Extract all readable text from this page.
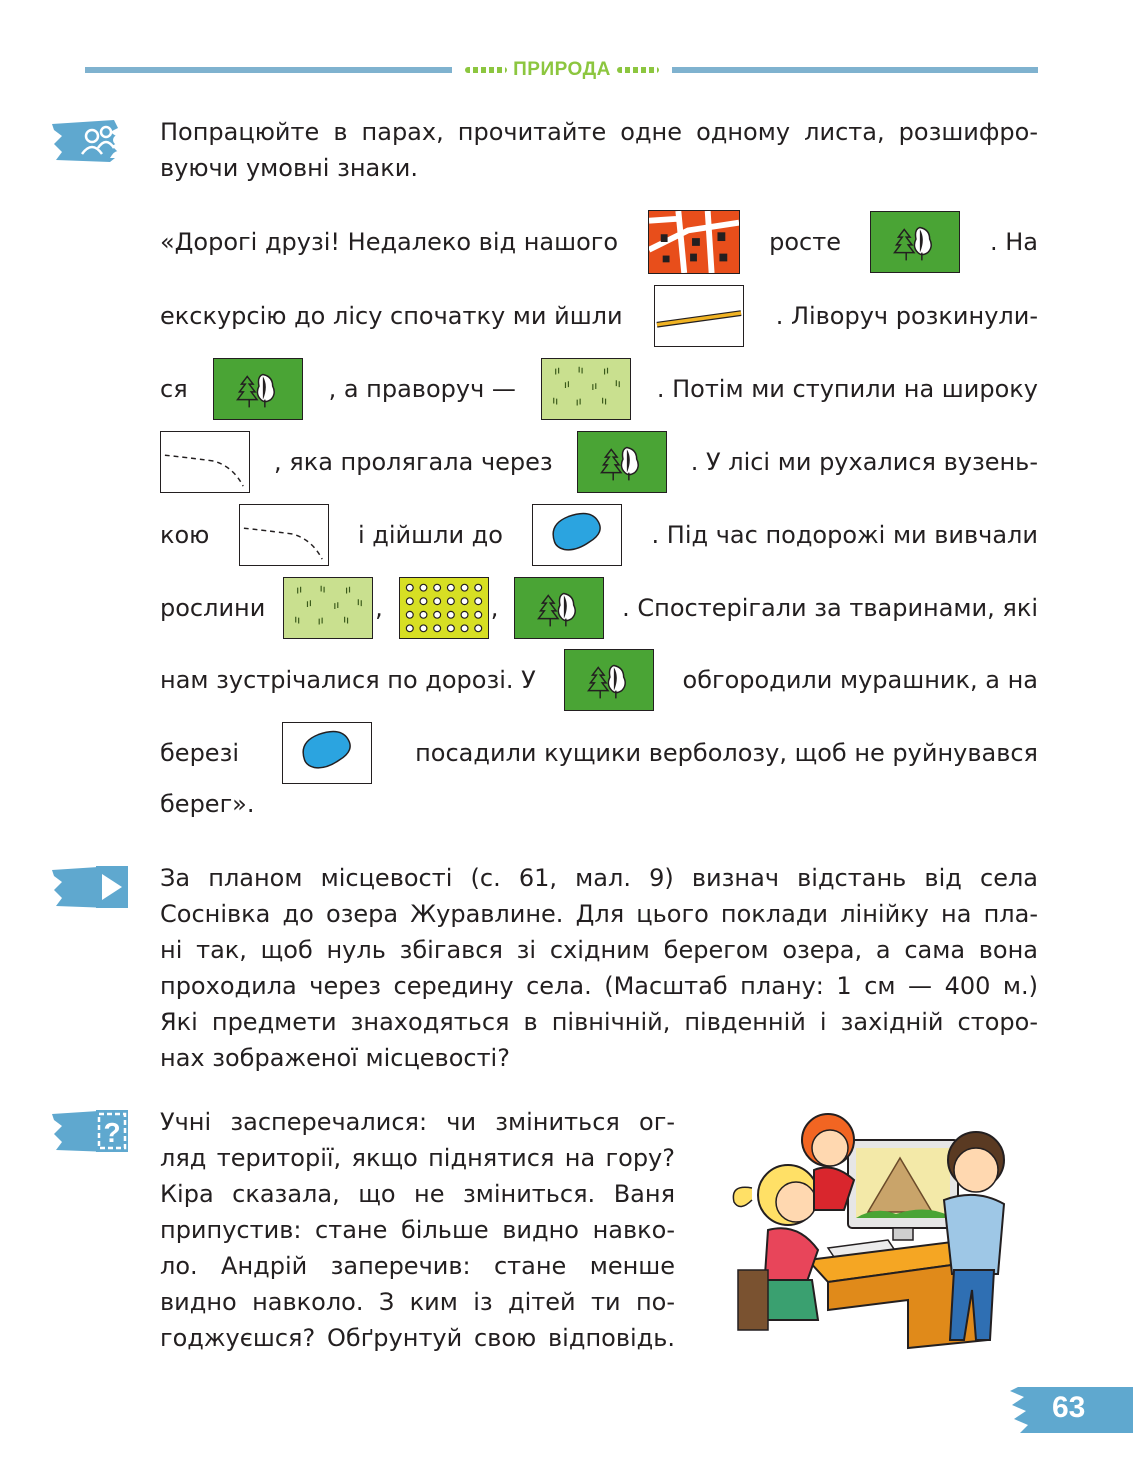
ПРИРОДА
Попрацюйте в парах, прочитайте одне одному листа, розшифро-
вуючи умовні знаки.
«Дорогі друзі! Недалеко від нашого	росте	. На
екскурсію до лісу спочатку ми йшли	. Ліворуч розкинули-
ся	, а праворуч —	. Потім ми ступили на широку
, яка пролягала через	. У лісі ми рухалися вузень-
кою	і дійшли до	. Під час подорожі ми вивчали
рослини	,	,	. Спостерігали за тваринами, які
нам зустрічалися по дорозі. У	обгородили мурашник, а на
березі	посадили кущики верболозу, щоб не руйнувався
берег».
За планом місцевості (с. 61, мал. 9) визнач відстань від села
Соснівка до озера Журавлине. Для цього поклади лінійку на пла-
ні так, щоб нуль збігався зі східним берегом озера, а сама вона
проходила через середину села. (Масштаб плану: 1 см — 400 м.)
Які предмети знаходяться в північній, південній і західній сторо-
нах зображеної місцевості?
? Учні засперечалися: чи зміниться ог-
ляд території, якщо піднятися на гору?
Кіра сказала, що не зміниться. Ваня
припустив: стане більше видно навко-
ло. Андрій заперечив: стане менше
видно навколо. З ким із дітей ти по-
годжуєшся? Обґрунтуй свою відповідь.
63
